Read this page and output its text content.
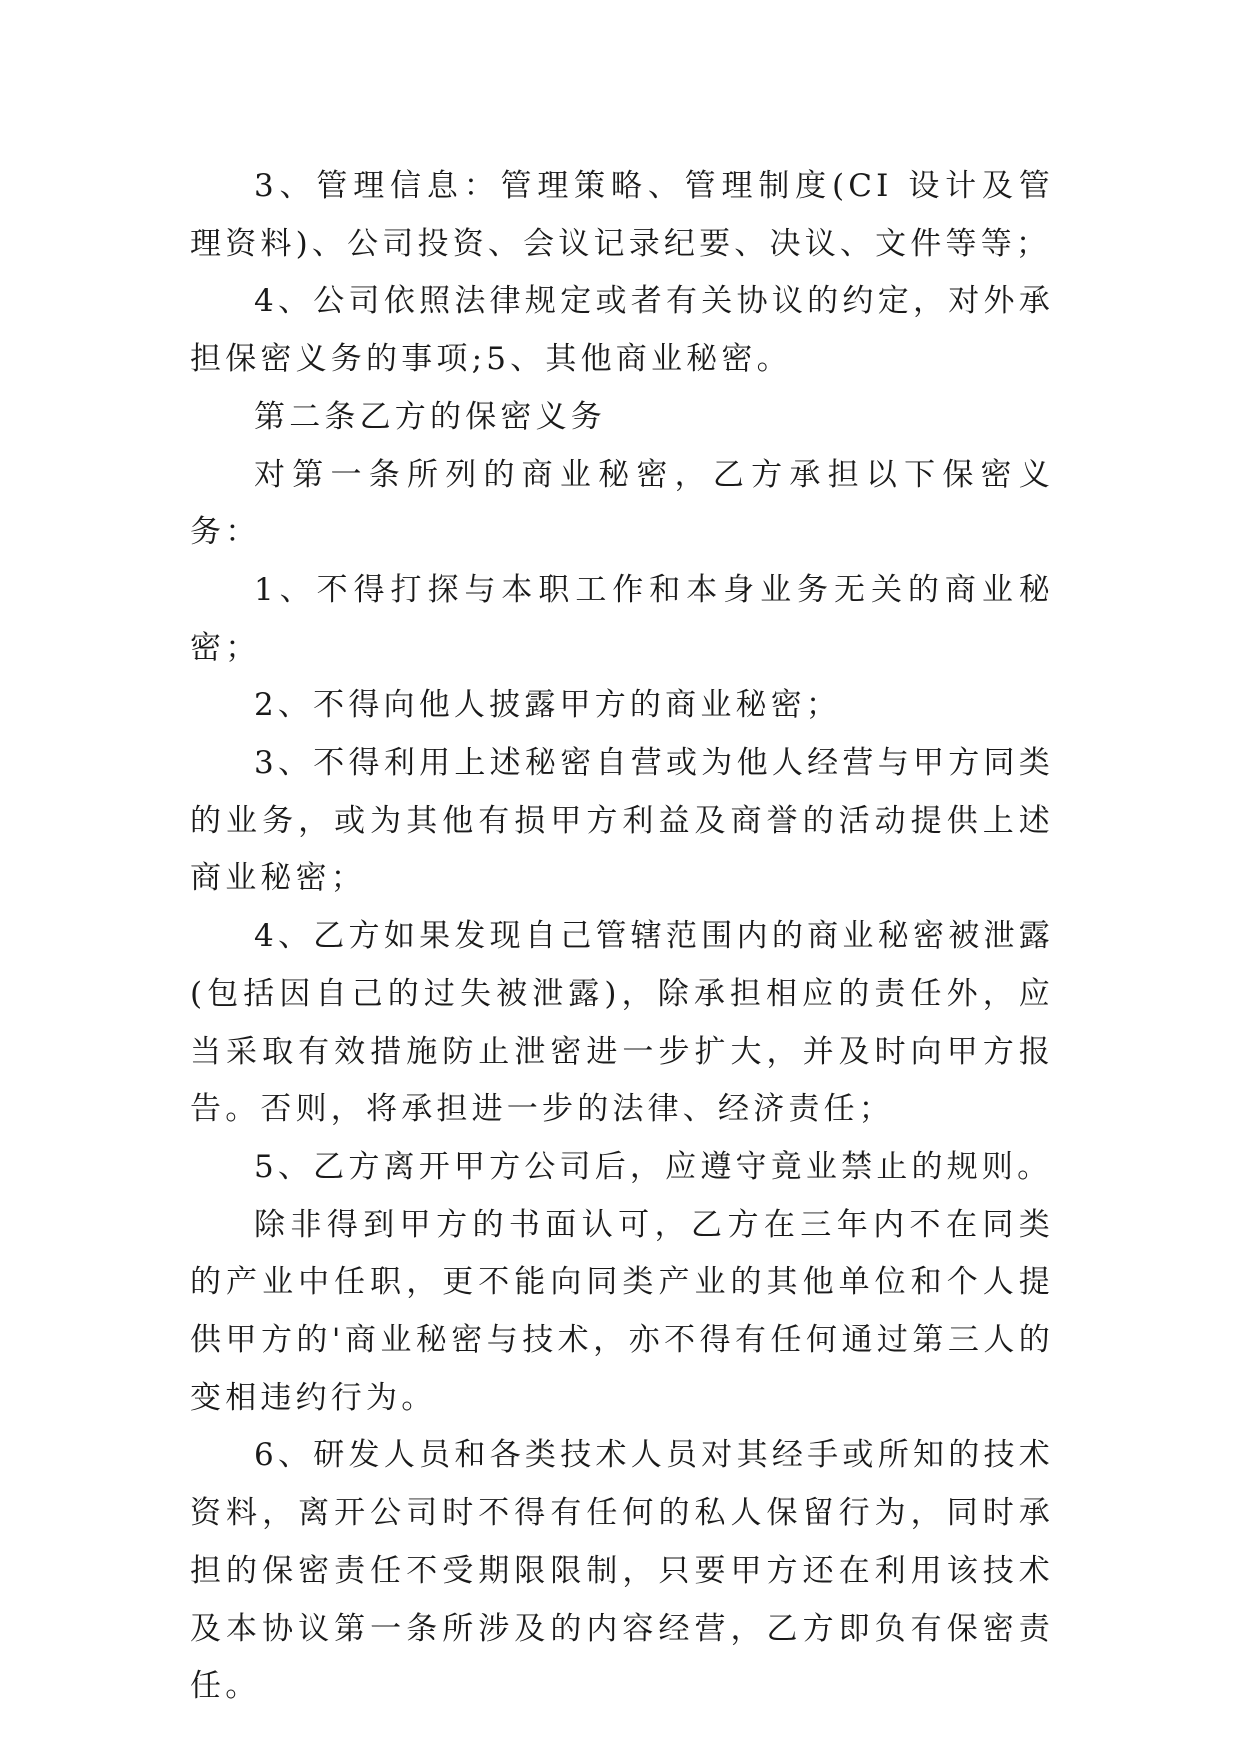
3、管理信息：管理策略、管理制度(CI 设计及管理资料)、公司投资、会议记录纪要、决议、文件等等；

4、公司依照法律规定或者有关协议的约定，对外承担保密义务的事项;5、其他商业秘密。

第二条乙方的保密义务

对第一条所列的商业秘密，乙方承担以下保密义务：

1、不得打探与本职工作和本身业务无关的商业秘密；

2、不得向他人披露甲方的商业秘密；

3、不得利用上述秘密自营或为他人经营与甲方同类的业务，或为其他有损甲方利益及商誉的活动提供上述商业秘密；

4、乙方如果发现自己管辖范围内的商业秘密被泄露(包括因自己的过失被泄露)，除承担相应的责任外，应当采取有效措施防止泄密进一步扩大，并及时向甲方报告。否则，将承担进一步的法律、经济责任；

5、乙方离开甲方公司后，应遵守竟业禁止的规则。

除非得到甲方的书面认可，乙方在三年内不在同类的产业中任职，更不能向同类产业的其他单位和个人提供甲方的'商业秘密与技术，亦不得有任何通过第三人的变相违约行为。

6、研发人员和各类技术人员对其经手或所知的技术资料，离开公司时不得有任何的私人保留行为，同时承担的保密责任不受期限限制，只要甲方还在利用该技术及本协议第一条所涉及的内容经营，乙方即负有保密责任。
